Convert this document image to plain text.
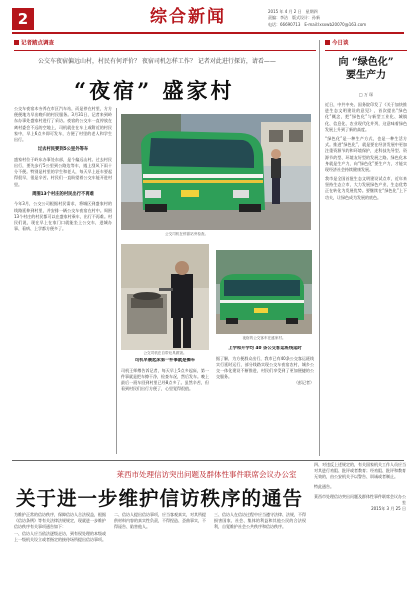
2	综合新闻	2015 年 4 月 2 日　星期四
责编：李洁　版式设计：孙新
电话：66690713　E-mail:lxsxwb20070@163.com
记者踏点调查	今日谈
公交车夜宿偏远山村，村民有何评价？ 夜宿司机怎样工作？ 记者对此进行探访，请看——
“夜宿” 盛家村
公交车夜宿木夯养在市区汽车站，而是停在村里，方方便便地为早出晚归的村民服务。3月31日，记者来到岭东办事处盛家村进行了采访。夜宿的公交车一直停放在离村委会不远的空地上，司机就住在车上或附近的村民家中，早上6点多即可发车，方便了村里的老人和学生出行。
过去村民要到5公里外等车
盛家村位于岭东办事处东部，是个偏远山村。过去村民出行，要先步行5公里到公路边等车，遇上刮风下雨十分不便。特别是村里的学生和老人，每天早上赶车要起得很早，很是辛苦。村民们一直盼望着公交车能开进村里。
周围13个村庄的村民出行不再难
今年3月，公交公司根据村民需求，将城区到盛家村的线路延伸到村里，并安排一辆公交车夜宿在村中。周围13个村庄的村民都可以在盛家村乘车，出行不再难。村民们说，现在早上在家门口就能坐上公交车，进城办事、看病、上学都方便多了。
公交司机在停靠站旁检查。
公交司机在自带灶具做饭。
夜宿的公交客车在盛家村。
司机早晨起床第一件事就是擦车
司机王师傅告诉记者，每天早上5点多起床，第一件事就是把车擦干净，检查车况，然后发车。晚上最后一班车回到村里已经8点多了。虽然辛苦，但看到村民们出行方便了，心里觉得很值。
上学和开学均 40 条公交客运班线延时
据了解，为方便群众出行，我市已有40条公交客运班线实行延时运行，部分线路实现公交车夜宿农村，城乡公交一体化建设不断推进，村民们享受到了更加便捷的公交服务。
（彭记者）
向 “绿色化”
要生产力
□ 万 琛
近日，中共中央、国务院印发了《关于加快推进生态文明建设的意见》，首次提出“绿色化”概念，把“绿色化”与新型工业化、城镇化、信息化、农业现代化并列，这意味着绿色发展上升到了新的高度。
“绿色化”是一种生产方式，也是一种生活方式。推进“绿色化”，就是要在经济发展中更加注重资源节约和环境保护，走科技先导型、资源节约型、环境友好型的发展之路。绿色化本身就是生产力，向“绿色化”要生产力，才能实现经济社会持续健康发展。
我市是全国首批生态文明建设试点市，近年来坚持生态立市，大力发展绿色产业，生态优势正在转化为发展优势。要继续在“绿色化”上下功夫，让绿色成为发展的底色。
莱西市处理信访突出问题及群体性事件联席会议办公室
关于进一步维护信访秩序的通告
为维护正常的信访秩序，保障信访人合法权益，根据《信访条例》等有关法律法规规定，现就进一步维护信访秩序有关事项通告如下：
一、信访人应当依法逐级走访，到有权处理的本级或上一级机关设立或者指定的接待场所提出信访事项。
二、信访人提出信访事项，应当客观真实，对其所提供材料内容的真实性负责，不得捏造、歪曲事实，不得诬告、陷害他人。
三、信访人在信访过程中应当遵守法律、法规，不得损害国家、社会、集体的利益和其他公民的合法权利，自觉维护社会公共秩序和信访秩序。
四、对违反上述规定的，有关国家机关工作人员应当对其进行劝阻、批评或者教育；经劝阻、批评和教育无效的，由公安机关予以警告、训诫或者制止。
特此通告。
莱西市处理信访突出问题及群体性事件联席会议办公室
2015年 3 月 25 日
